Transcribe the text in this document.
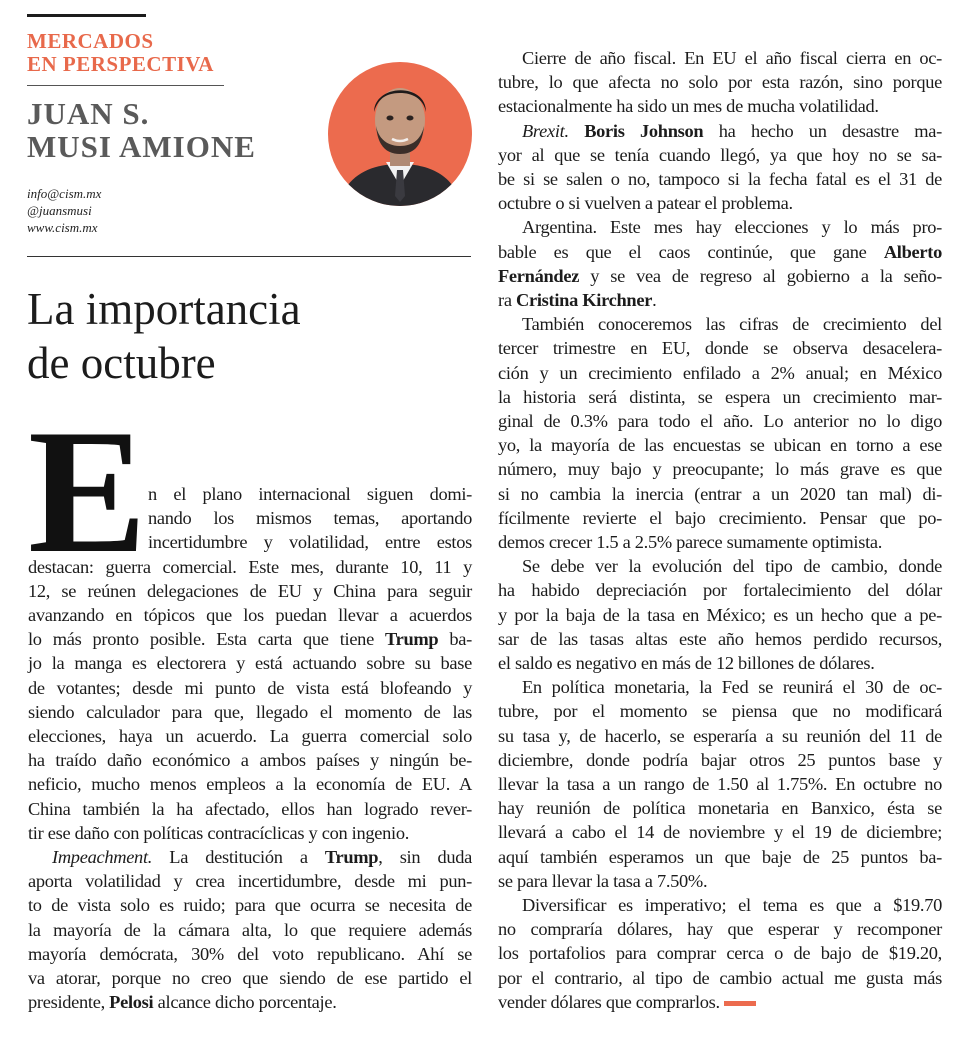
MERCADOS
EN PERSPECTIVA
JUAN S.
MUSI AMIONE
info@cism.mx
@juansmusi
www.cism.mx
La importancia
de octubre
E n el plano internacional siguen domi-
nando los mismos temas, aportando
incertidumbre y volatilidad, entre estos
destacan: guerra comercial. Este mes, durante 10, 11 y
12, se reúnen delegaciones de EU y China para seguir
avanzando en tópicos que los puedan llevar a acuerdos
lo más pronto posible. Esta carta que tiene Trump ba-
jo la manga es electorera y está actuando sobre su base
de votantes; desde mi punto de vista está blofeando y
siendo calculador para que, llegado el momento de las
elecciones, haya un acuerdo. La guerra comercial solo
ha traído daño económico a ambos países y ningún be-
neficio, mucho menos empleos a la economía de EU. A
China también la ha afectado, ellos han logrado rever-
tir ese daño con políticas contracíclicas y con ingenio.
Impeachment. La destitución a Trump, sin duda
aporta volatilidad y crea incertidumbre, desde mi pun-
to de vista solo es ruido; para que ocurra se necesita de
la mayoría de la cámara alta, lo que requiere además
mayoría demócrata, 30% del voto republicano. Ahí se
va atorar, porque no creo que siendo de ese partido el
presidente, Pelosi alcance dicho porcentaje.
Cierre de año fiscal. En EU el año fiscal cierra en oc-
tubre, lo que afecta no solo por esta razón, sino porque
estacionalmente ha sido un mes de mucha volatilidad.
Brexit. Boris Johnson ha hecho un desastre ma-
yor al que se tenía cuando llegó, ya que hoy no se sa-
be si se salen o no, tampoco si la fecha fatal es el 31 de
octubre o si vuelven a patear el problema.
Argentina. Este mes hay elecciones y lo más pro-
bable es que el caos continúe, que gane Alberto
Fernández y se vea de regreso al gobierno a la seño-
ra Cristina Kirchner.
También conoceremos las cifras de crecimiento del
tercer trimestre en EU, donde se observa desacelera-
ción y un crecimiento enfilado a 2% anual; en México
la historia será distinta, se espera un crecimiento mar-
ginal de 0.3% para todo el año. Lo anterior no lo digo
yo, la mayoría de las encuestas se ubican en torno a ese
número, muy bajo y preocupante; lo más grave es que
si no cambia la inercia (entrar a un 2020 tan mal) di-
fícilmente revierte el bajo crecimiento. Pensar que po-
demos crecer 1.5 a 2.5% parece sumamente optimista.
Se debe ver la evolución del tipo de cambio, donde
ha habido depreciación por fortalecimiento del dólar
y por la baja de la tasa en México; es un hecho que a pe-
sar de las tasas altas este año hemos perdido recursos,
el saldo es negativo en más de 12 billones de dólares.
En política monetaria, la Fed se reunirá el 30 de oc-
tubre, por el momento se piensa que no modificará
su tasa y, de hacerlo, se esperaría a su reunión del 11 de
diciembre, donde podría bajar otros 25 puntos base y
llevar la tasa a un rango de 1.50 al 1.75%. En octubre no
hay reunión de política monetaria en Banxico, ésta se
llevará a cabo el 14 de noviembre y el 19 de diciembre;
aquí también esperamos un que baje de 25 puntos ba-
se para llevar la tasa a 7.50%.
Diversificar es imperativo; el tema es que a $19.70
no compraría dólares, hay que esperar y recomponer
los portafolios para comprar cerca o de bajo de $19.20,
por el contrario, al tipo de cambio actual me gusta más
vender dólares que comprarlos.
